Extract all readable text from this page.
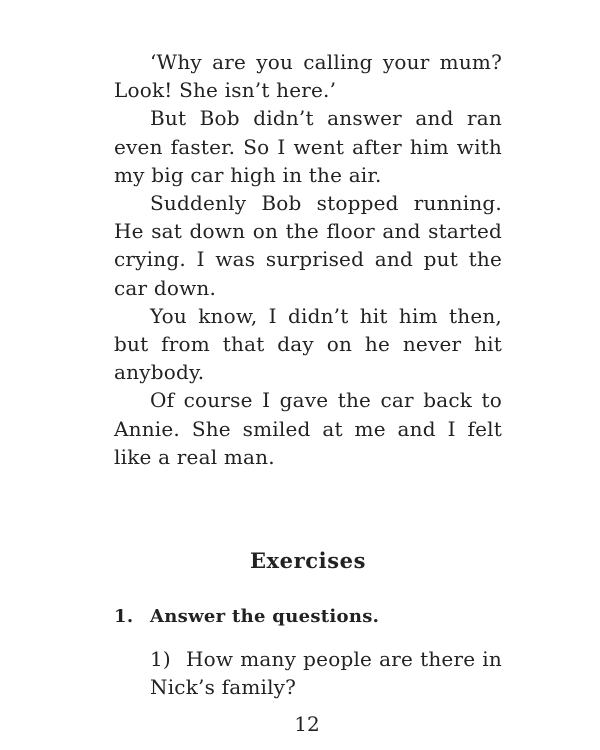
‘Why are you calling your mum? Look! She isn’t here.’

But Bob didn’t answer and ran even faster. So I went after him with my big car high in the air.

Suddenly Bob stopped running. He sat down on the floor and started crying. I was surprised and put the car down.

You know, I didn’t hit him then, but from that day on he never hit anybody.

Of course I gave the car back to Annie. She smiled at me and I felt like a real man.

Exercises
1. Answer the questions.
1) How many people are there in Nick’s family?

12
